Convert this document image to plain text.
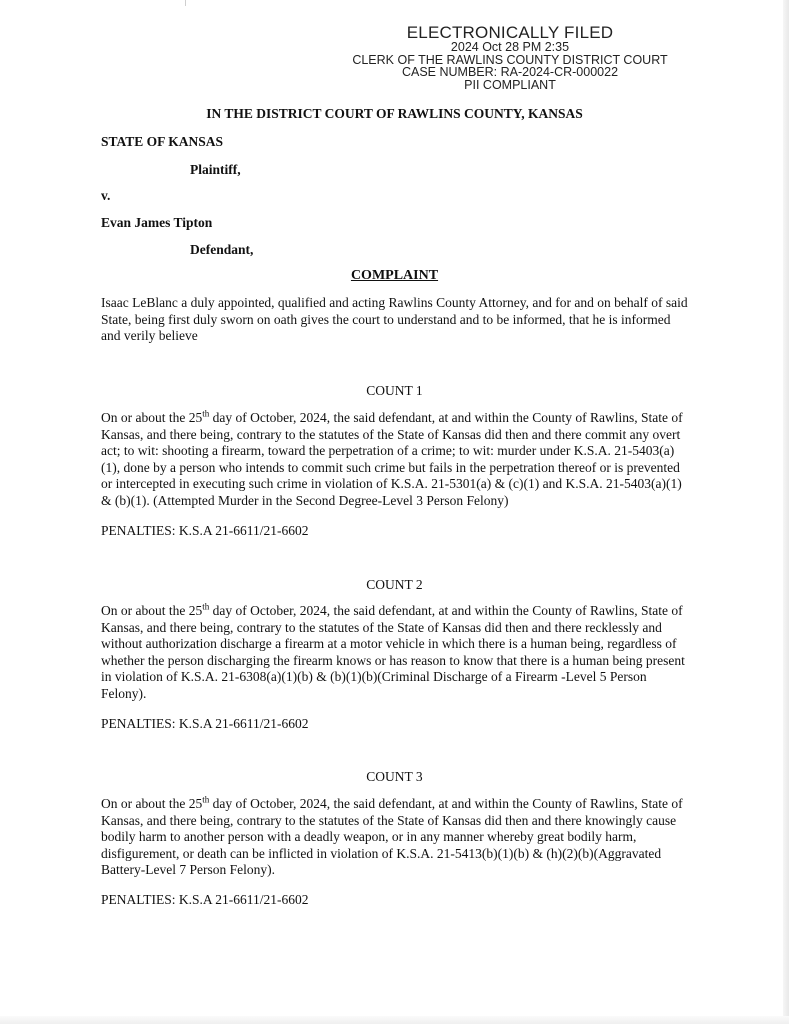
ELECTRONICALLY FILED
2024 Oct 28 PM 2:35
CLERK OF THE RAWLINS COUNTY DISTRICT COURT
CASE NUMBER: RA-2024-CR-000022
PII COMPLIANT
IN THE DISTRICT COURT OF RAWLINS COUNTY, KANSAS
STATE OF KANSAS
Plaintiff,
v.
Evan James Tipton
Defendant,
COMPLAINT

Isaac LeBlanc a duly appointed, qualified and acting Rawlins County Attorney, and for and on behalf of said State, being first duly sworn on oath gives the court to understand and to be informed, that he is informed and verily believe

COUNT 1

On or about the 25th day of October, 2024, the said defendant, at and within the County of Rawlins, State of Kansas, and there being, contrary to the statutes of the State of Kansas did then and there commit any overt act; to wit: shooting a firearm, toward the perpetration of a crime; to wit: murder under K.S.A. 21-5403(a)(1), done by a person who intends to commit such crime but fails in the perpetration thereof or is prevented or intercepted in executing such crime in violation of K.S.A. 21-5301(a) & (c)(1) and K.S.A. 21-5403(a)(1) & (b)(1). (Attempted Murder in the Second Degree-Level 3 Person Felony)

PENALTIES: K.S.A 21-6611/21-6602
COUNT 2

On or about the 25th day of October, 2024, the said defendant, at and within the County of Rawlins, State of Kansas, and there being, contrary to the statutes of the State of Kansas did then and there recklessly and without authorization discharge a firearm at a motor vehicle in which there is a human being, regardless of whether the person discharging the firearm knows or has reason to know that there is a human being present in violation of K.S.A. 21-6308(a)(1)(b) & (b)(1)(b)(Criminal Discharge of a Firearm -Level 5 Person Felony).

PENALTIES: K.S.A 21-6611/21-6602
COUNT 3

On or about the 25th day of October, 2024, the said defendant, at and within the County of Rawlins, State of Kansas, and there being, contrary to the statutes of the State of Kansas did then and there knowingly cause bodily harm to another person with a deadly weapon, or in any manner whereby great bodily harm, disfigurement, or death can be inflicted in violation of K.S.A. 21-5413(b)(1)(b) & (h)(2)(b)(Aggravated Battery-Level 7 Person Felony).

PENALTIES: K.S.A 21-6611/21-6602
